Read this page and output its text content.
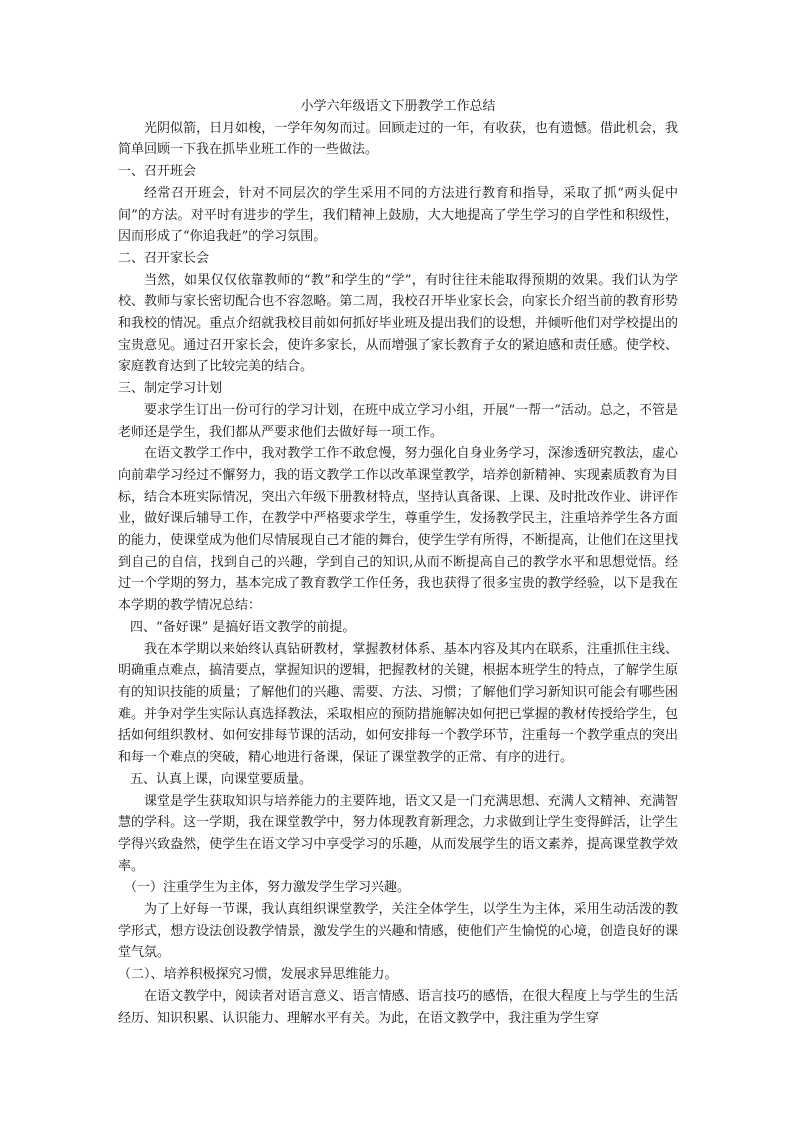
小学六年级语文下册教学工作总结

光阴似箭，日月如梭，一学年匆匆而过。回顾走过的一年，有收获，也有遗憾。借此机会，我简单回顾一下我在抓毕业班工作的一些做法。

一、召开班会

经常召开班会，针对不同层次的学生采用不同的方法进行教育和指导，采取了抓“两头促中间”的方法。对平时有进步的学生，我们精神上鼓励，大大地提高了学生学习的自学性和积级性，因而形成了“你追我赶”的学习氛围。

二、召开家长会

当然，如果仅仅依靠教师的“教”和学生的“学”，有时往往未能取得预期的效果。我们认为学校、教师与家长密切配合也不容忽略。第二周，我校召开毕业家长会，向家长介绍当前的教育形势和我校的情况。重点介绍就我校目前如何抓好毕业班及提出我们的设想，并倾听他们对学校提出的宝贵意见。通过召开家长会，使许多家长，从而增强了家长教育子女的紧迫感和责任感。使学校、家庭教育达到了比较完美的结合。

三、制定学习计划

要求学生订出一份可行的学习计划，在班中成立学习小组，开展“一帮一”活动。总之，不管是老师还是学生，我们都从严要求他们去做好每一项工作。

在语文教学工作中，我对教学工作不敢怠慢，努力强化自身业务学习，深渗透研究教法，虚心向前辈学习经过不懈努力，我的语文教学工作以改革课堂教学，培养创新精神、实现素质教育为目标，结合本班实际情况，突出六年级下册教材特点，坚持认真备课、上课、及时批改作业、讲评作业，做好课后辅导工作，在教学中严格要求学生，尊重学生，发扬教学民主，注重培养学生各方面的能力，使课堂成为他们尽情展现自己才能的舞台，使学生学有所得，不断提高，让他们在这里找到自己的自信，找到自己的兴趣，学到自己的知识,从而不断提高自己的教学水平和思想觉悟。经过一个学期的努力，基本完成了教育教学工作任务，我也获得了很多宝贵的教学经验，以下是我在本学期的教学情况总结：

四、“备好课” 是搞好语文教学的前提。

我在本学期以来始终认真钻研教材，掌握教材体系、基本内容及其内在联系，注重抓住主线、明确重点难点，搞清要点，掌握知识的逻辑，把握教材的关键，根据本班学生的特点，了解学生原有的知识技能的质量；了解他们的兴趣、需要、方法、习惯；了解他们学习新知识可能会有哪些困难。并争对学生实际认真选择教法，采取相应的预防措施解决如何把已掌握的教材传授给学生，包括如何组织教材、如何安排每节课的活动，如何安排每一个教学环节，注重每一个教学重点的突出和每一个难点的突破，精心地进行备课，保证了课堂教学的正常、有序的进行。

五、认真上课，向课堂要质量。

课堂是学生获取知识与培养能力的主要阵地，语文又是一门充满思想、充满人文精神、充满智慧的学科。这一学期，我在课堂教学中，努力体现教育新理念，力求做到让学生变得鲜活，让学生学得兴致盎然，使学生在语文学习中享受学习的乐趣，从而发展学生的语文素养，提高课堂教学效率。

（一）注重学生为主体，努力激发学生学习兴趣。

为了上好每一节课，我认真组织课堂教学，关注全体学生，以学生为主体，采用生动活泼的教学形式，想方设法创设教学情景，激发学生的兴趣和情感，使他们产生愉悦的心境，创造良好的课堂气氛。

（二）、培养积极探究习惯，发展求异思维能力。

在语文教学中，阅读者对语言意义、语言情感、语言技巧的感悟，在很大程度上与学生的生活经历、知识积累、认识能力、理解水平有关。为此，在语文教学中，我注重为学生穿
